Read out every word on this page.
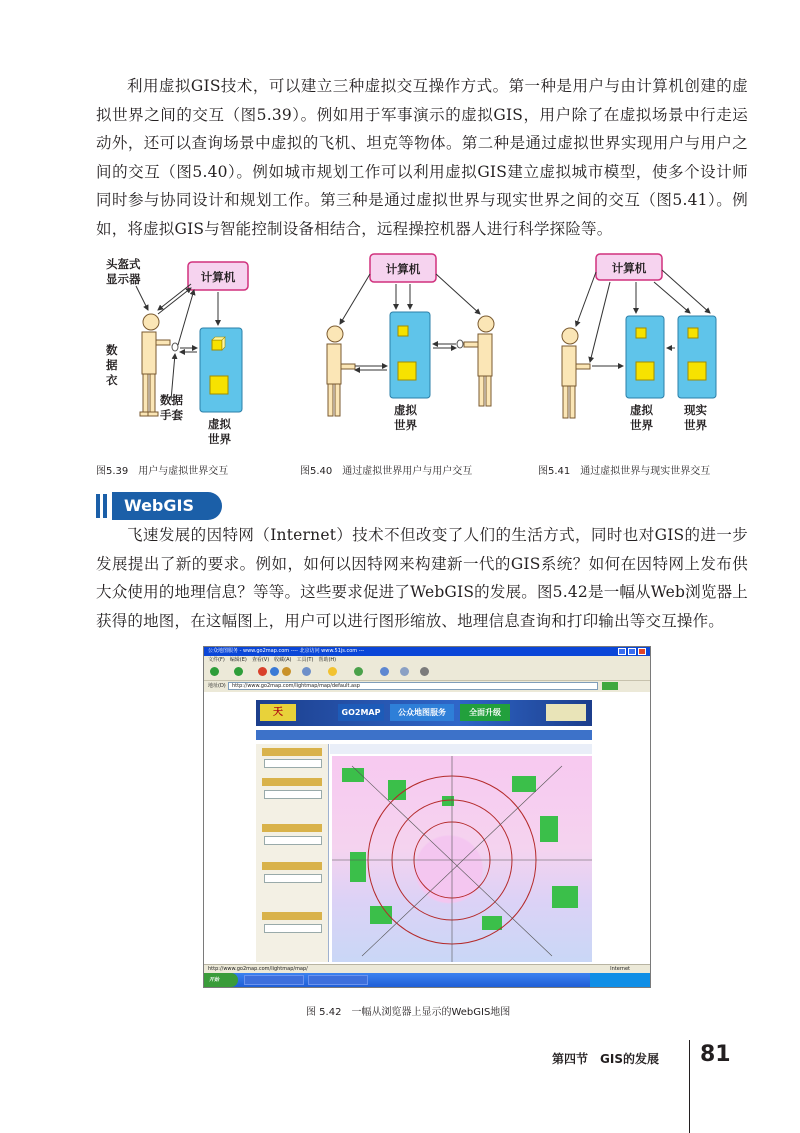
利用虚拟GIS技术，可以建立三种虚拟交互操作方式。第一种是用户与由计算机创建的虚拟世界之间的交互（图5.39）。例如用于军事演示的虚拟GIS，用户除了在虚拟场景中行走运动外，还可以查询场景中虚拟的飞机、坦克等物体。第二种是通过虚拟世界实现用户与用户之间的交互（图5.40）。例如城市规划工作可以利用虚拟GIS建立虚拟城市模型，使多个设计师同时参与协同设计和规划工作。第三种是通过虚拟世界与现实世界之间的交互（图5.41）。例如，将虚拟GIS与智能控制设备相结合，远程操控机器人进行科学探险等。

计算机
头盔式
显示器
数
据
衣
数据
手套
虚拟
世界
图5.39　用户与虚拟世界交互
计算机
虚拟
世界
图5.40　通过虚拟世界用户与用户交互
计算机
虚拟
世界
现实
世界
图5.41　通过虚拟世界与现实世界交互
WebGIS

飞速发展的因特网（Internet）技术不但改变了人们的生活方式，同时也对GIS的进一步发展提出了新的要求。例如，如何以因特网来构建新一代的GIS系统？如何在因特网上发布供大众使用的地理信息？等等。这些要求促进了WebGIS的发展。图5.42是一幅从Web浏览器上获得的地图，在这幅图上，用户可以进行图形缩放、地理信息查询和打印输出等交互操作。

公众地图服务 - www.go2map.com ---- 北京访问 www.51js.com ---
文件(F)　编辑(E)　查看(V)　收藏(A)　工具(T)　帮助(H)
地址(D)	http://www.go2map.com/lightmap/map/default.asp
天	GO2MAP	公众地图服务	全面升级
http://www.go2map.com/lightmap/map/	Internet
开始
图 5.42　一幅从浏览器上显示的WebGIS地图
第四节　GIS的发展 81
